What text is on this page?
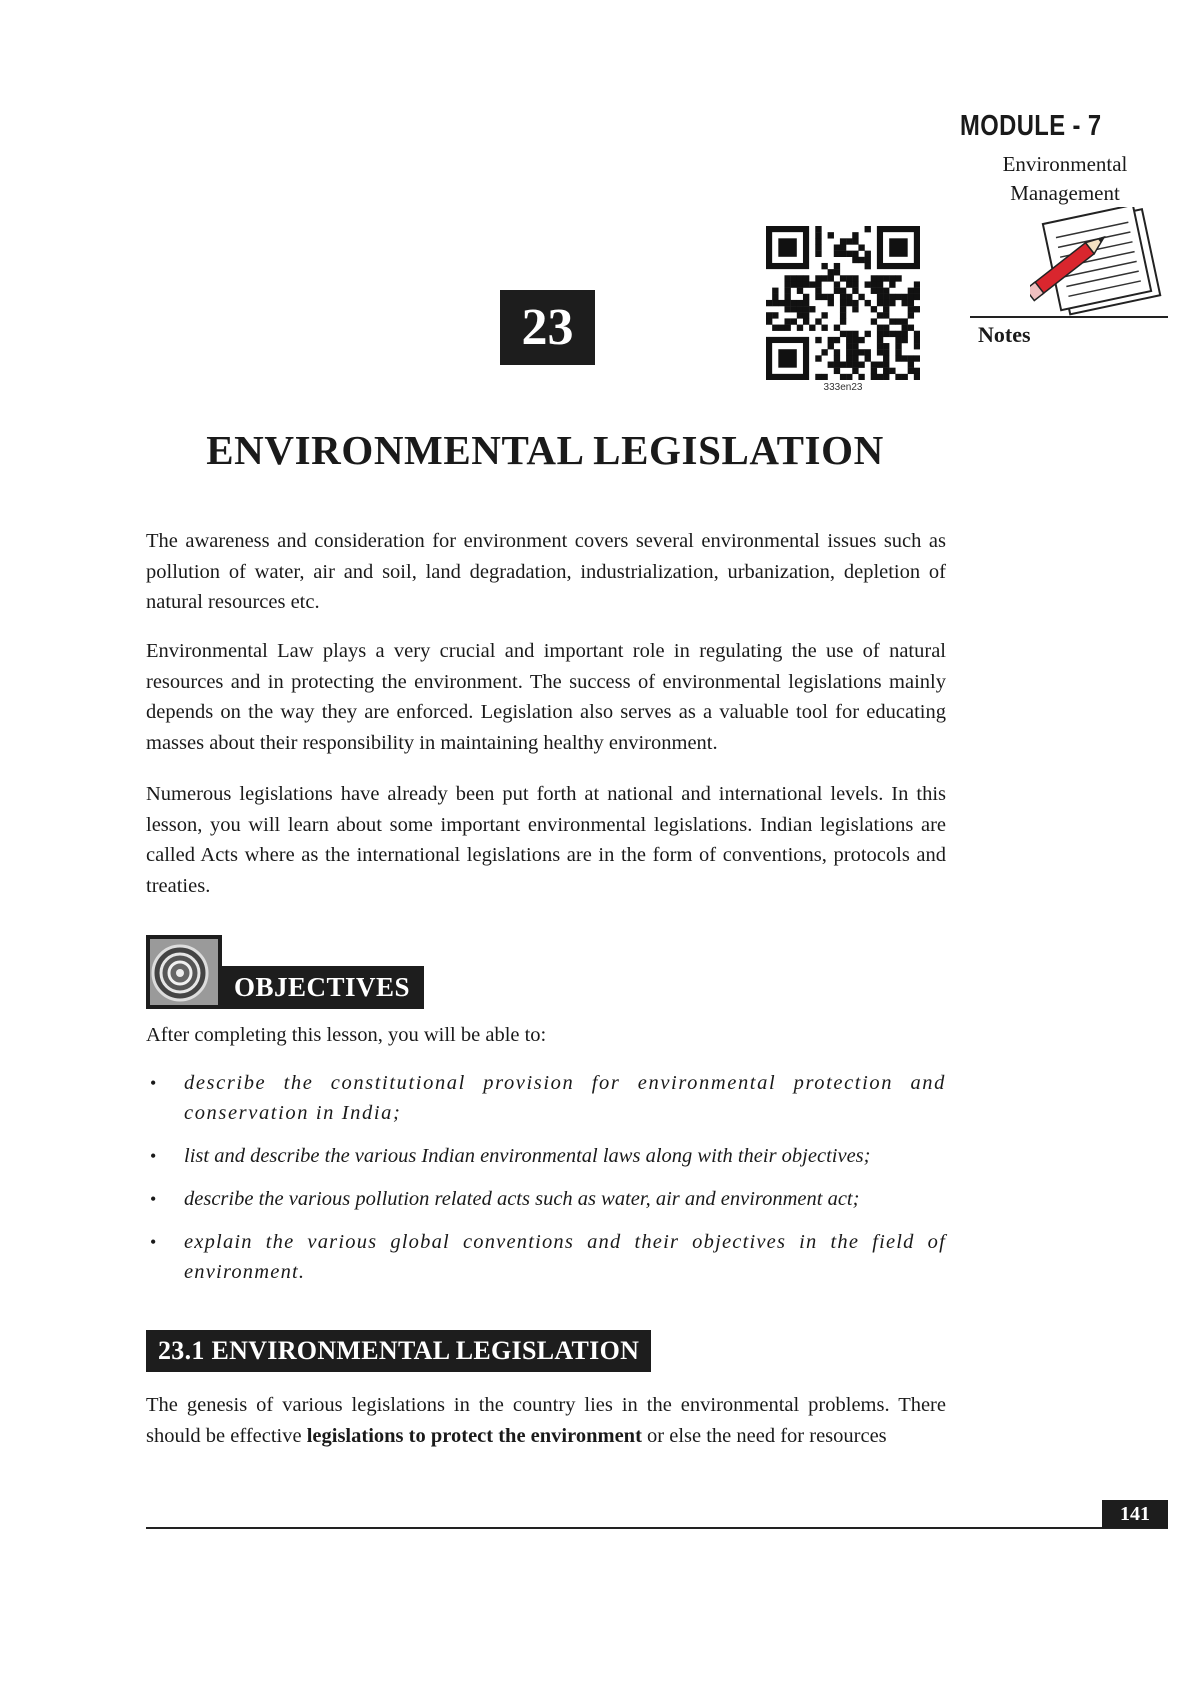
MODULE - 7
Environmental
Management
Notes
23
333en23
ENVIRONMENTAL LEGISLATION
The awareness and consideration for environment covers several environmental issues such as pollution of water, air and soil, land degradation, industrialization, urbanization, depletion of natural resources etc.
Environmental Law plays a very crucial and important role in regulating the use of natural resources and in protecting the environment. The success of environmental legislations mainly depends on the way they are enforced. Legislation also serves as a valuable tool for educating masses about their responsibility in maintaining healthy environment.
Numerous legislations have already been put forth at national and international levels. In this lesson, you will learn about some important environmental legislations. Indian legislations are called Acts where as the international legislations are in the form of conventions, protocols and treaties.
OBJECTIVES
After completing this lesson, you will be able to:
• describe the constitutional provision for environmental protection and conservation in India;
• list and describe the various Indian environmental laws along with their objectives;
• describe the various pollution related acts such as water, air and environment act;
• explain the various global conventions and their objectives in the field of environment.
23.1 ENVIRONMENTAL LEGISLATION
The genesis of various legislations in the country lies in the environmental problems. There should be effective legislations to protect the environment or else the need for resources
141
